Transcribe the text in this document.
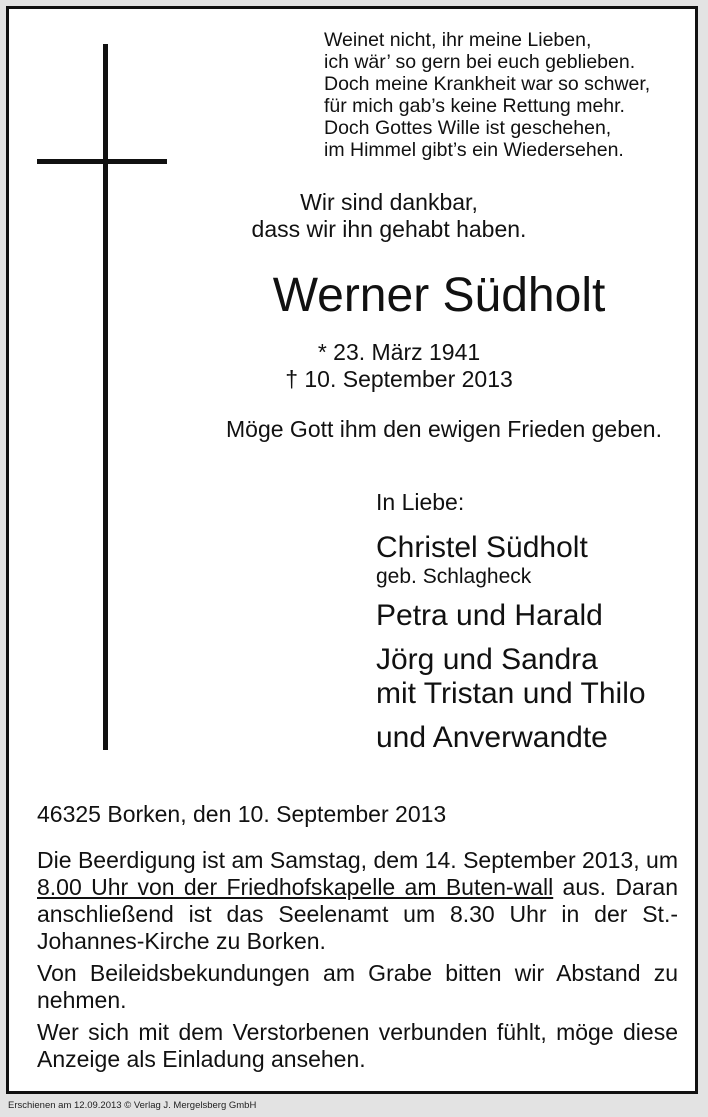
Weinet nicht, ihr meine Lieben,
ich wär’ so gern bei euch geblieben.
Doch meine Krankheit war so schwer,
für mich gab’s keine Rettung mehr.
Doch Gottes Wille ist geschehen,
im Himmel gibt’s ein Wiedersehen.
Wir sind dankbar,
dass wir ihn gehabt haben.
Werner Südholt
* 23. März 1941
† 10. September 2013
Möge Gott ihm den ewigen Frieden geben.
In Liebe:
Christel Südholt
geb. Schlagheck
Petra und Harald
Jörg und Sandra
mit Tristan und Thilo
und Anverwandte
46325 Borken, den 10. September 2013

Die Beerdigung ist am Samstag, dem 14. September 2013, um 8.00 Uhr von der Friedhofskapelle am Buten-wall aus. Daran anschließend ist das Seelenamt um 8.30 Uhr in der St.-Johannes-Kirche zu Borken.

Von Beileidsbekundungen am Grabe bitten wir Abstand zu nehmen.

Wer sich mit dem Verstorbenen verbunden fühlt, möge diese Anzeige als Einladung ansehen.

Erschienen am 12.09.2013 © Verlag J. Mergelsberg GmbH
